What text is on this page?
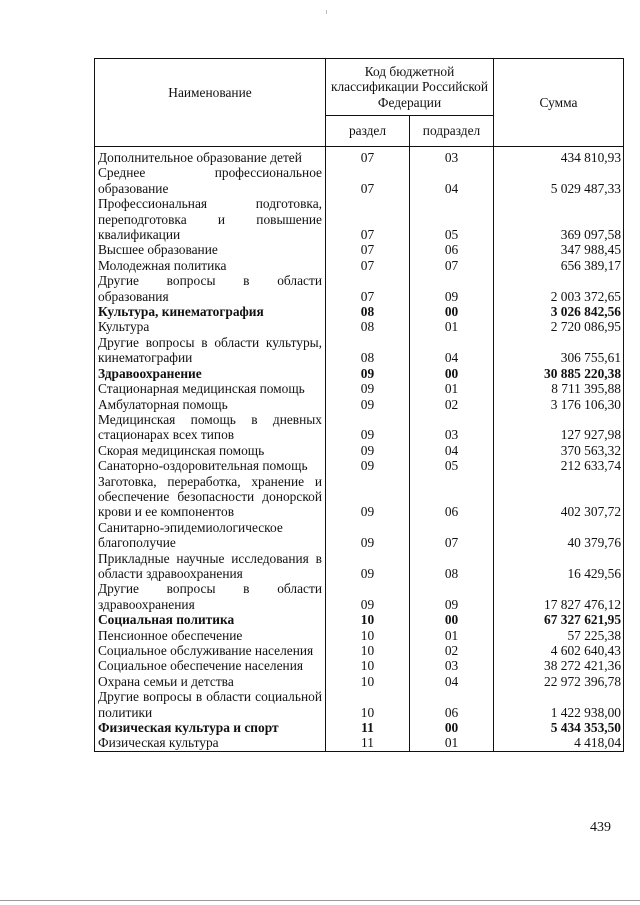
Наименование	Код бюджетной классификации Российской Федерации		Сумма
	раздел	подраздел	
Дополнительное образование детей	07	03	434 810,93
Среднее профессиональное образование	07	04	5 029 487,33
Профессиональная подготовка, переподготовка и повышение квалификации	07	05	369 097,58
Высшее образование	07	06	347 988,45
Молодежная политика	07	07	656 389,17
Другие вопросы в области образования	07	09	2 003 372,65
Культура, кинематография	08	00	3 026 842,56
Культура	08	01	2 720 086,95
Другие вопросы в области культуры, кинематографии	08	04	306 755,61
Здравоохранение	09	00	30 885 220,38
Стационарная медицинская помощь	09	01	8 711 395,88
Амбулаторная помощь	09	02	3 176 106,30
Медицинская помощь в дневных стационарах всех типов	09	03	127 927,98
Скорая медицинская помощь	09	04	370 563,32
Санаторно-оздоровительная помощь	09	05	212 633,74
Заготовка, переработка, хранение и обеспечение безопасности донорской крови и ее компонентов	09	06	402 307,72
Санитарно-эпидемиологическое благополучие	09	07	40 379,76
Прикладные научные исследования в области здравоохранения	09	08	16 429,56
Другие вопросы в области здравоохранения	09	09	17 827 476,12
Социальная политика	10	00	67 327 621,95
Пенсионное обеспечение	10	01	57 225,38
Социальное обслуживание населения	10	02	4 602 640,43
Социальное обеспечение населения	10	03	38 272 421,36
Охрана семьи и детства	10	04	22 972 396,78
Другие вопросы в области социальной политики	10	06	1 422 938,00
Физическая культура и спорт	11	00	5 434 353,50
Физическая культура	11	01	4 418,04
439
